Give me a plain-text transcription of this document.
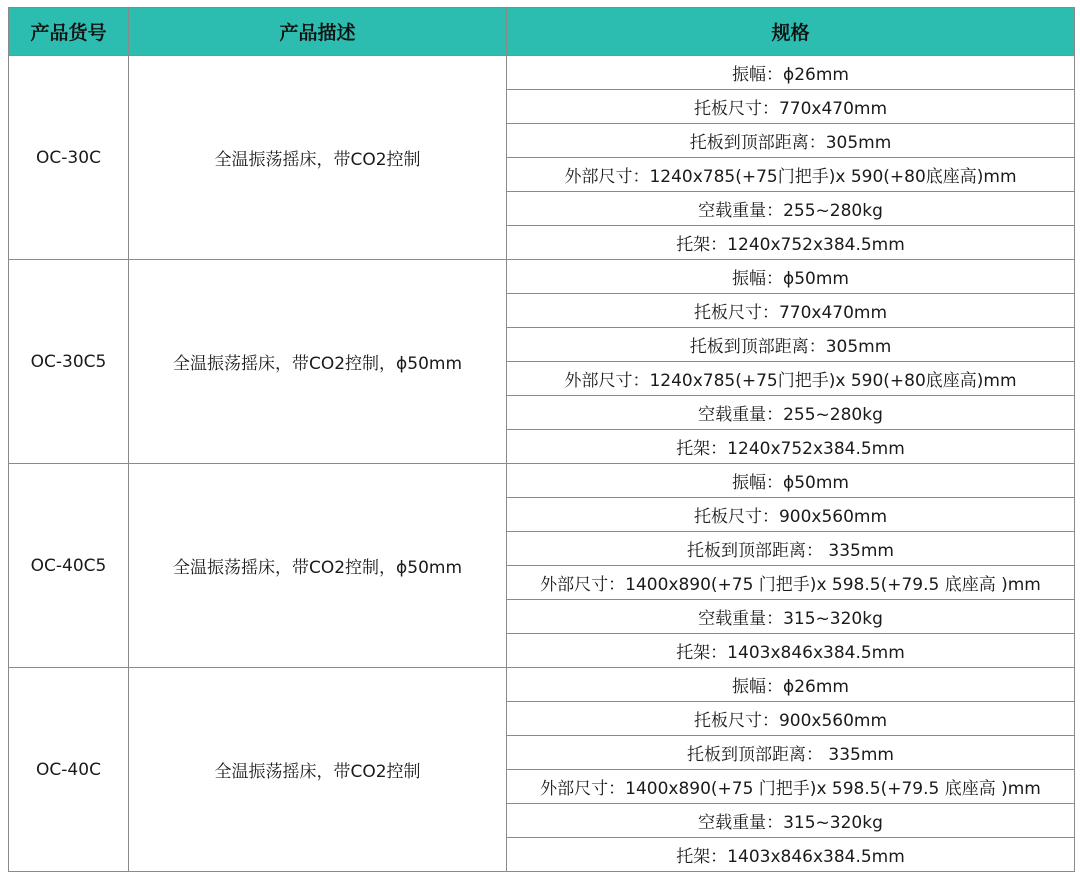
产品货号	产品描述	规格
OC-30C	全温振荡摇床，带CO2控制	振幅：ϕ26mm
		托板尺寸：770x470mm
		托板到顶部距离：305mm
		外部尺寸：1240x785(+75门把手)x 590(+80底座高)mm
		空载重量：255~280kg
		托架：1240x752x384.5mm
OC-30C5	全温振荡摇床，带CO2控制，ϕ50mm	振幅：ϕ50mm
		托板尺寸：770x470mm
		托板到顶部距离：305mm
		外部尺寸：1240x785(+75门把手)x 590(+80底座高)mm
		空载重量：255~280kg
		托架：1240x752x384.5mm
OC-40C5	全温振荡摇床，带CO2控制，ϕ50mm	振幅：ϕ50mm
		托板尺寸：900x560mm
		托板到顶部距离： 335mm
		外部尺寸：1400x890(+75 门把手)x 598.5(+79.5 底座高 )mm
		空载重量：315~320kg
		托架：1403x846x384.5mm
OC-40C	全温振荡摇床，带CO2控制	振幅：ϕ26mm
		托板尺寸：900x560mm
		托板到顶部距离： 335mm
		外部尺寸：1400x890(+75 门把手)x 598.5(+79.5 底座高 )mm
		空载重量：315~320kg
		托架：1403x846x384.5mm
